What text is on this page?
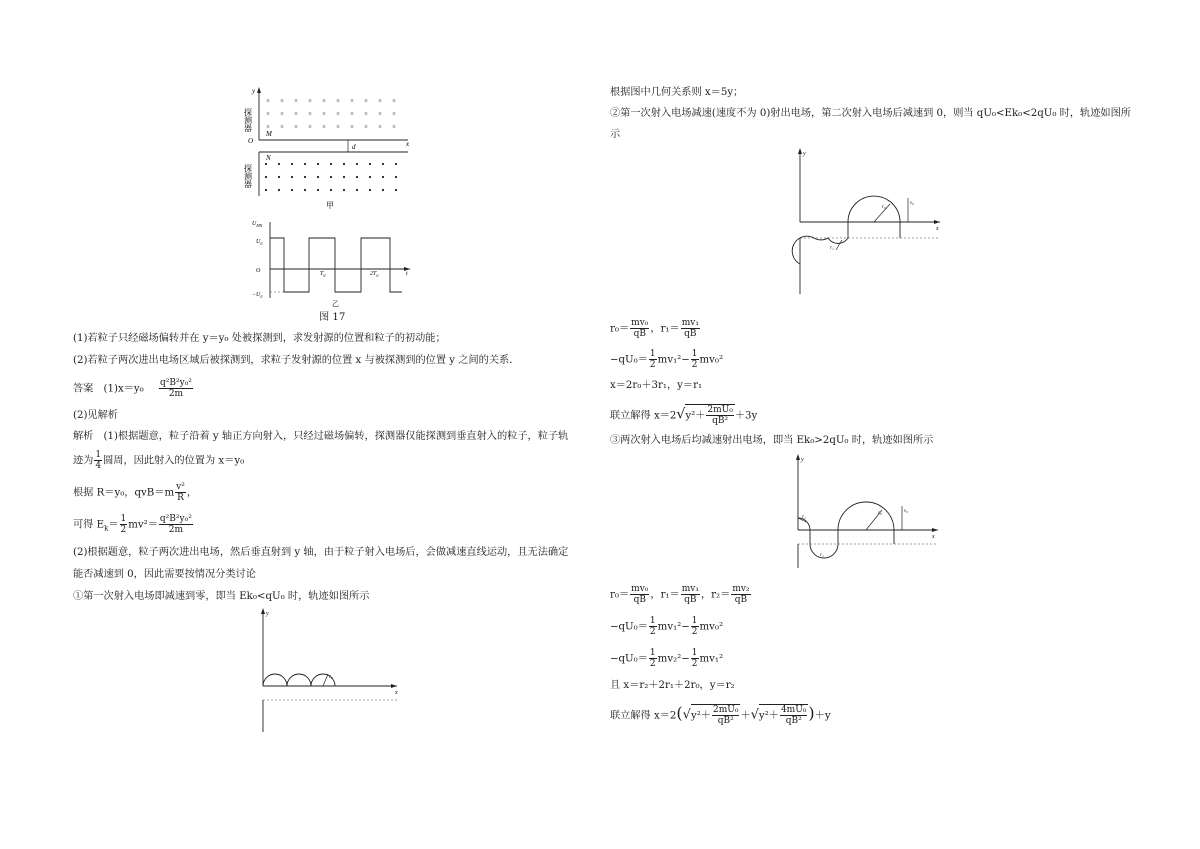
探测器
探测器
y
x
O
M
× × × × × × × × × ×
× × × × × × × × × ×
× × × × × × × × × ×
N
d
甲
$U_{MN}$
$U_0$
O
$-U_0$
$T_0$	$2T_0$	t
乙
图 17
(1)若粒子只经磁场偏转并在 y＝y₀ 处被探测到，求发射源的位置和粒子的初动能；
(2)若粒子两次进出电场区域后被探测到，求粒子发射源的位置 x 与被探测到的位置 y 之间的关系．
答案　$(1)x=y_0 \frac{\text{q²B²y₀²}}{2m}$
(2)见解析
解析　(1)根据题意，粒子沿着 y 轴正方向射入，只经过磁场偏转，探测器仅能探测到垂直射入的粒子，粒子轨
迹为 $\frac{1}{4}$ 圆周，因此射入的位置为 x＝y₀
根据 R＝y₀，$qvB=m \frac{\text{v²}}{R}$ ，
可得 $E_k= \frac{1}{2} mv^2= \frac{\text{q²B²y₀²}}{2m}$
(2)根据题意，粒子两次进出电场，然后垂直射到 y 轴，由于粒子射入电场后，会做减速直线运动，且无法确定
能否减速到 0，因此需要按情况分类讨论
①第一次射入电场即减速到零，即当 Ek₀<qU₀ 时，轨迹如图所示
y
x
r₀
根据图中几何关系则 x＝5y；
②第一次射入电场减速(速度不为 0)射出电场，第二次射入电场后减速到 0，则当 qU₀<Ek₀<2qU₀ 时，轨迹如图所
示
y
x
r₀
v₀
r₁
$r_0= \frac{\text{mv₀}}{qB}$ ，$r_1= \frac{\text{mv₁}}{qB}$
$-qU_0= \frac{1}{2} mv_1^2- \frac{1}{2} mv_0^2$
x＝2r₀＋3r₁，y＝r₁
联立解得 $x=2√y^2+ \frac{\text{2mU₀}}{\text{qB²}} +3y$
③两次射入电场后均减速射出电场，即当 Ek₀>2qU₀ 时，轨迹如图所示
y
x
r₂
r₀	v₀
r₁
$r_0= \frac{\text{mv₀}}{qB}$ ，$r_1= \frac{\text{mv₁}}{qB}$ ，$r_2= \frac{\text{mv₂}}{qB}$
$-qU_0= \frac{1}{2} mv_1^2- \frac{1}{2} mv_0^2$
$-qU_0= \frac{1}{2} mv_2^2- \frac{1}{2} mv_1^2$
且 x＝r₂＋2r₁＋2r₀，y＝r₂
联立解得 $x=2(√y^2+ \frac{\text{2mU₀}}{\text{qB²}} +√y^2+ \frac{\text{4mU₀}}{\text{qB²}} )+y$
